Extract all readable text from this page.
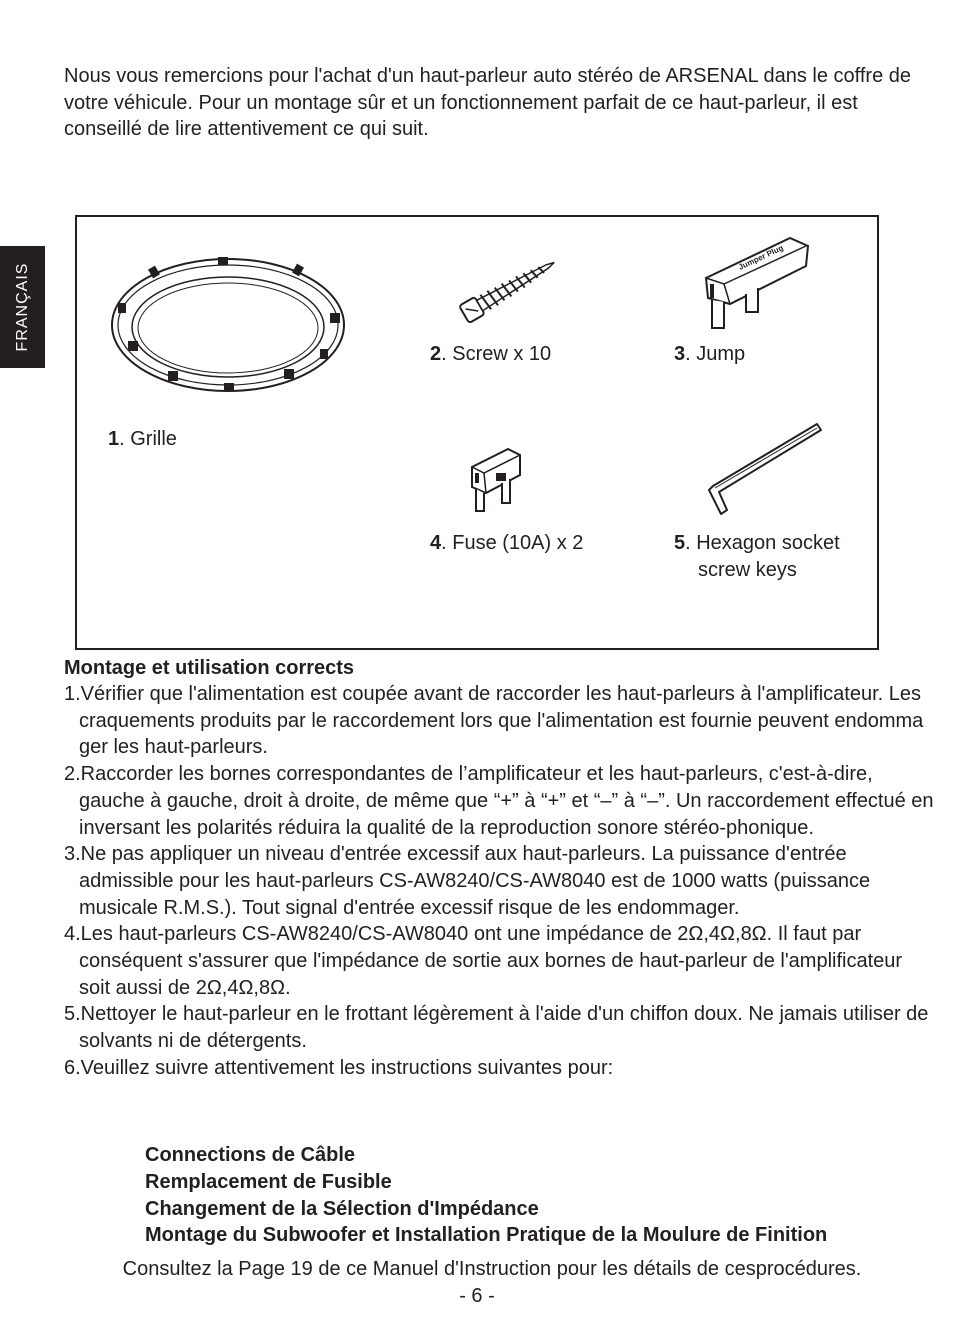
Nous vous remercions pour l'achat d'un haut-parleur auto stéréo de ARSENAL dans le coffre de votre véhicule. Pour un montage sûr et un fonctionnement parfait de ce haut-parleur, il est conseillé de lire attentivement ce qui suit.
FRANÇAIS
Jumper Plug
1. Grille
2. Screw x 10	3. Jump
4. Fuse (10A) x 2	5. Hexagon socket
screw keys
Montage et utilisation corrects
1.Vérifier que l'alimentation est coupée avant de raccorder les haut-parleurs à l'amplificateur. Les craquements produits par le raccordement lors que l'alimentation est fournie peuvent endomma ger les haut-parleurs.
2.Raccorder les bornes correspondantes de l’amplificateur et les haut-parleurs, c'est-à-dire, gauche à gauche, droit à droite, de même que “+” à “+” et “–” à “–”. Un raccordement effectué en inversant les polarités réduira la qualité de la reproduction sonore stéréo-phonique.
3.Ne pas appliquer un niveau d'entrée excessif aux haut-parleurs. La puissance d'entrée admissible pour les haut-parleurs CS-AW8240/CS-AW8040 est de 1000 watts (puissance musicale R.M.S.). Tout signal d'entrée excessif risque de les endommager.
4.Les haut-parleurs CS-AW8240/CS-AW8040 ont une impédance de 2Ω,4Ω,8Ω. Il faut par conséquent s'assurer que l'impédance de sortie aux bornes de haut-parleur de l'amplificateur soit aussi de 2Ω,4Ω,8Ω.
5.Nettoyer le haut-parleur en le frottant légèrement à l'aide d'un chiffon doux. Ne jamais utiliser de solvants ni de détergents.
6.Veuillez suivre attentivement les instructions suivantes pour:
Connections de Câble
Remplacement de Fusible
Changement de la Sélection d'Impédance
Montage du Subwoofer et Installation Pratique de la Moulure de Finition
Consultez la Page 19 de ce Manuel d'Instruction pour les détails de cesprocédures.
- 6 -
